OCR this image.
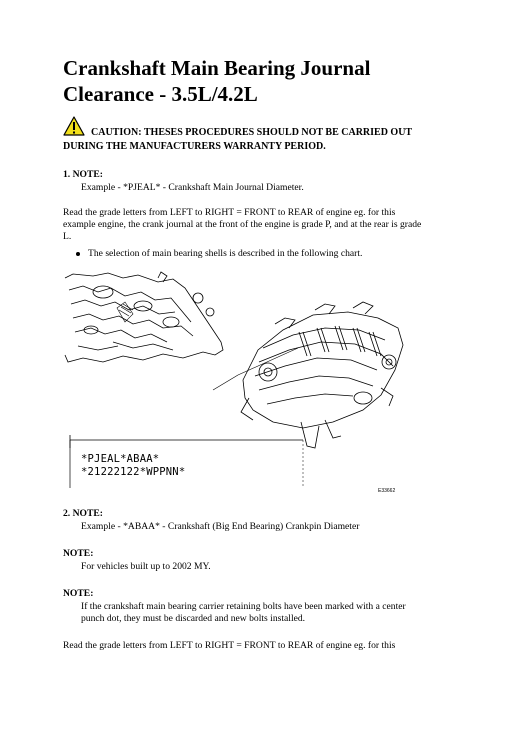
Crankshaft Main Bearing Journal
Clearance - 3.5L/4.2L
CAUTION: THESES PROCEDURES SHOULD NOT BE CARRIED OUT
DURING THE MANUFACTURERS WARRANTY PERIOD.
1. NOTE:
Example - *PJEAL* - Crankshaft Main Journal Diameter.
Read the grade letters from LEFT to RIGHT = FRONT to REAR of engine eg. for this
example engine, the crank journal at the front of the engine is grade P, and at the rear is grade
L.
The selection of main bearing shells is described in the following chart.
*PJEAL*ABAA*
*21222122*WPPNN*
E33662
2. NOTE:
Example - *ABAA* - Crankshaft (Big End Bearing) Crankpin Diameter
NOTE:
For vehicles built up to 2002 MY.
NOTE:
If the crankshaft main bearing carrier retaining bolts have been marked with a center
punch dot, they must be discarded and new bolts installed.
Read the grade letters from LEFT to RIGHT = FRONT to REAR of engine eg. for this
